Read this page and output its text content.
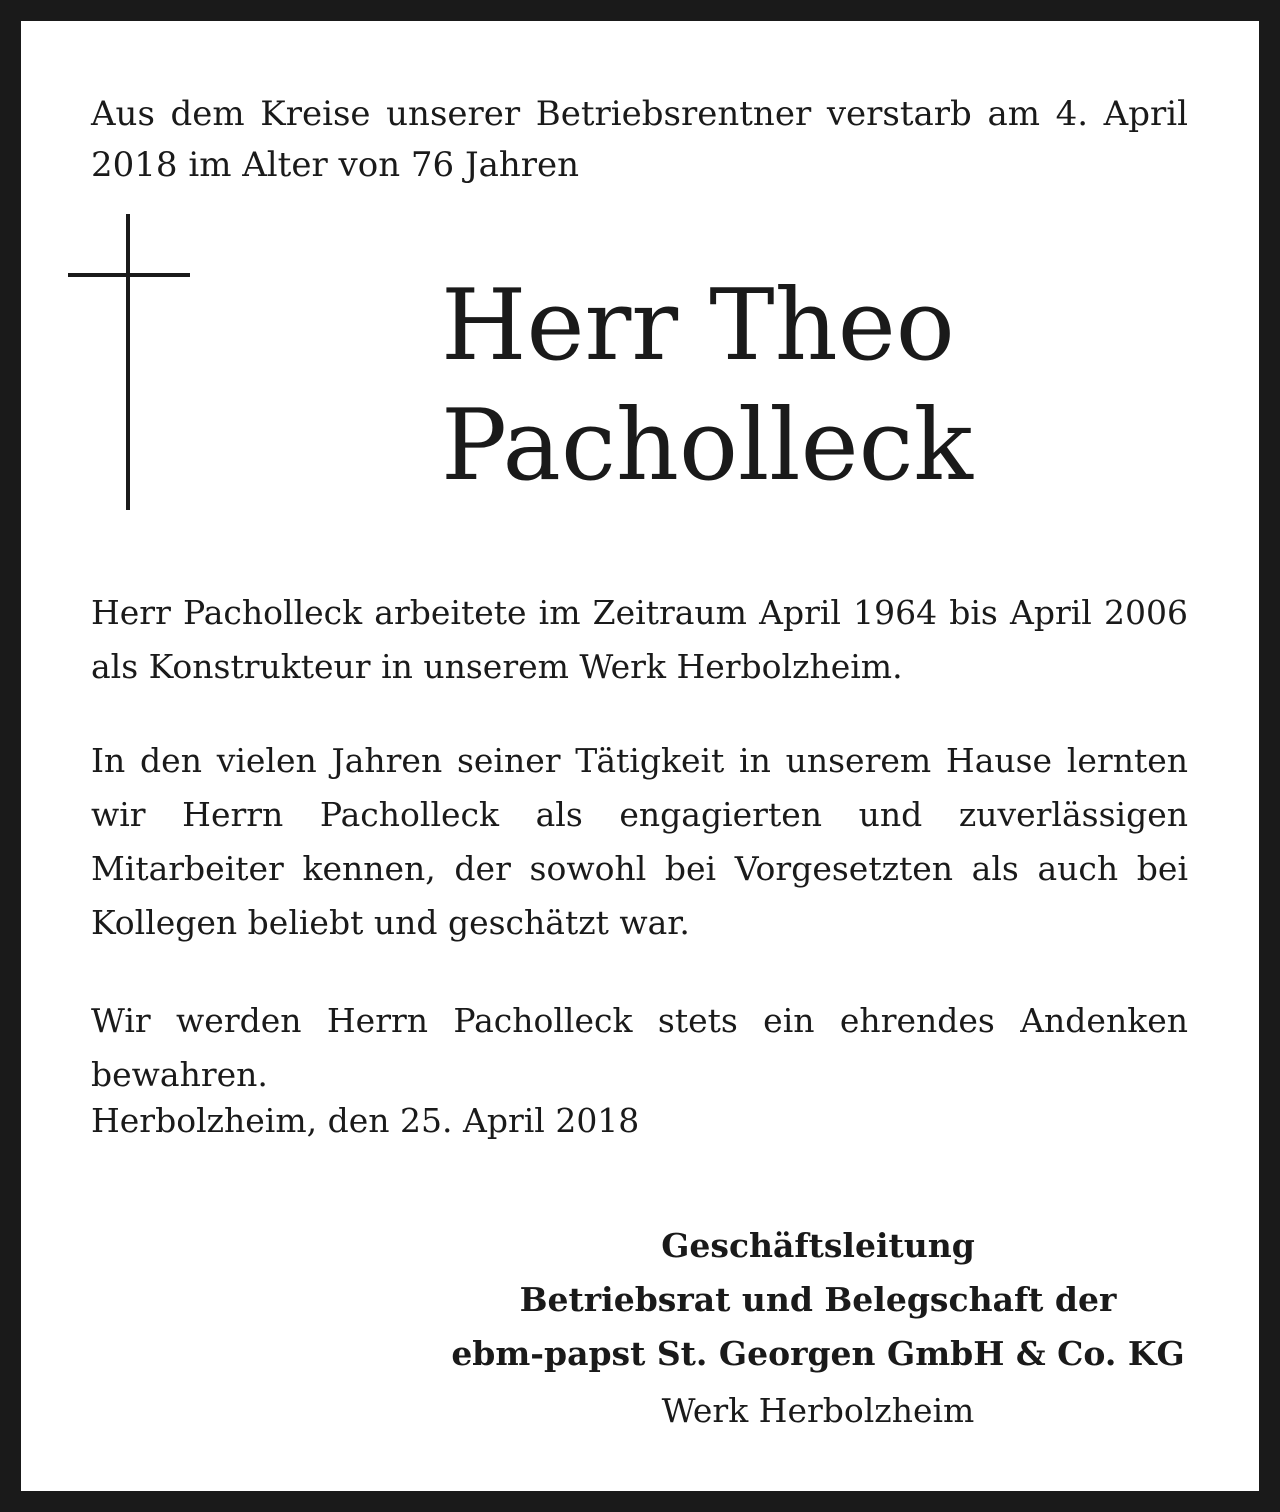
Aus dem Kreise unserer Betriebsrentner verstarb am 4. April 2018 im Alter von 76 Jahren
Herr Theo
Pacholleck
Herr Pacholleck arbeitete im Zeitraum April 1964 bis April 2006 als Konstrukteur in unserem Werk Herbolzheim.
In den vielen Jahren seiner Tätigkeit in unserem Hause lernten wir Herrn Pacholleck als engagierten und zuverlässigen Mitarbeiter kennen, der sowohl bei Vorgesetzten als auch bei Kollegen beliebt und geschätzt war.
Wir werden Herrn Pacholleck stets ein ehrendes Andenken bewahren.
Herbolzheim, den 25. April 2018
Geschäftsleitung
Betriebsrat und Belegschaft der
ebm-papst St. Georgen GmbH & Co. KG
Werk Herbolzheim
